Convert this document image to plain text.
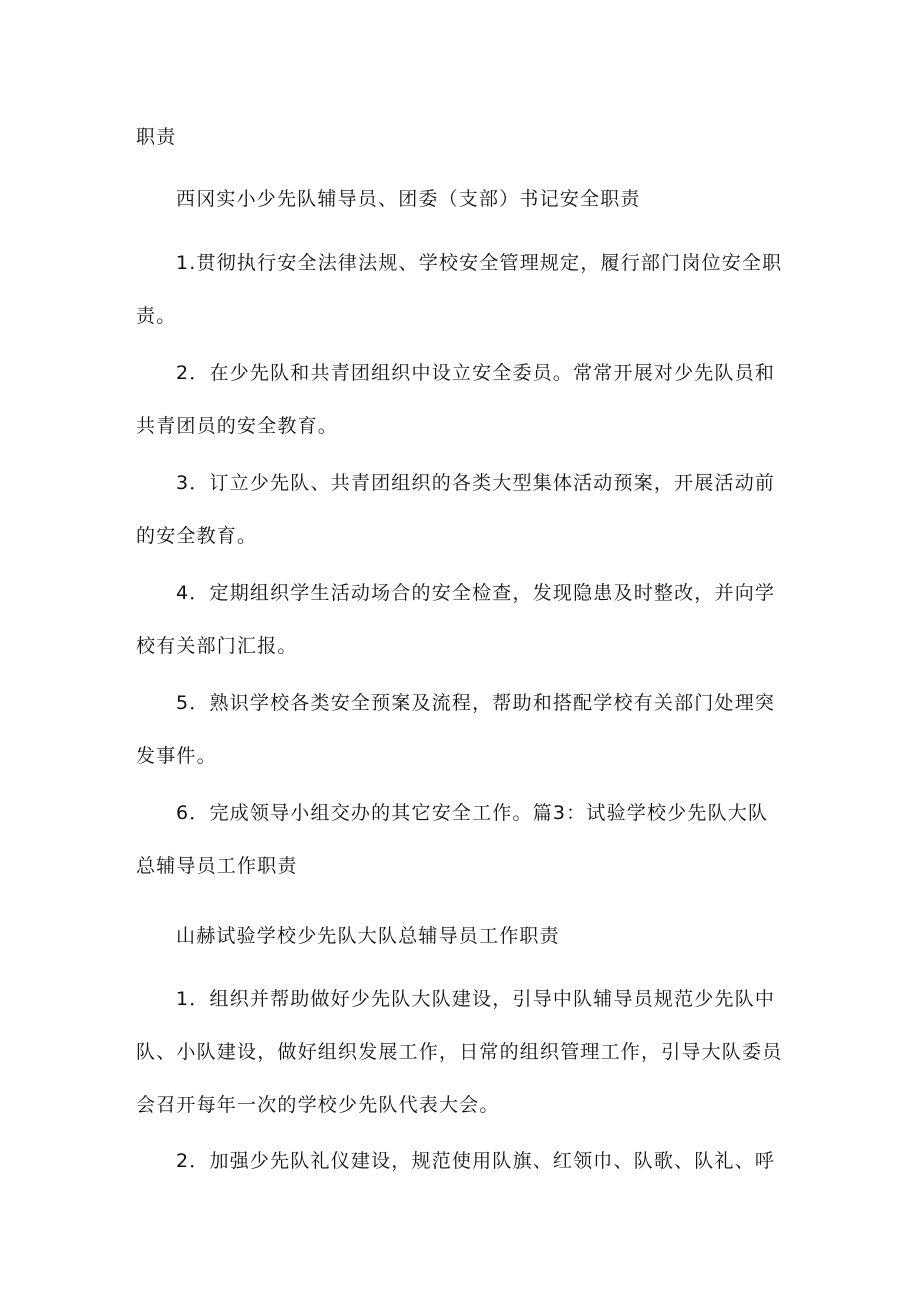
职责

西冈实小少先队辅导员、团委（支部）书记安全职责

1.贯彻执行安全法律法规、学校安全管理规定，履行部门岗位安全职责。

2．在少先队和共青团组织中设立安全委员。常常开展对少先队员和共青团员的安全教育。

3．订立少先队、共青团组织的各类大型集体活动预案，开展活动前的安全教育。

4．定期组织学生活动场合的安全检查，发现隐患及时整改，并向学校有关部门汇报。

5．熟识学校各类安全预案及流程，帮助和搭配学校有关部门处理突发事件。

6．完成领导小组交办的其它安全工作。篇3：试验学校少先队大队总辅导员工作职责

山赫试验学校少先队大队总辅导员工作职责

1．组织并帮助做好少先队大队建设，引导中队辅导员规范少先队中队、小队建设，做好组织发展工作，日常的组织管理工作，引导大队委员会召开每年一次的学校少先队代表大会。

2．加强少先队礼仪建设，规范使用队旗、红领巾、队歌、队礼、呼
